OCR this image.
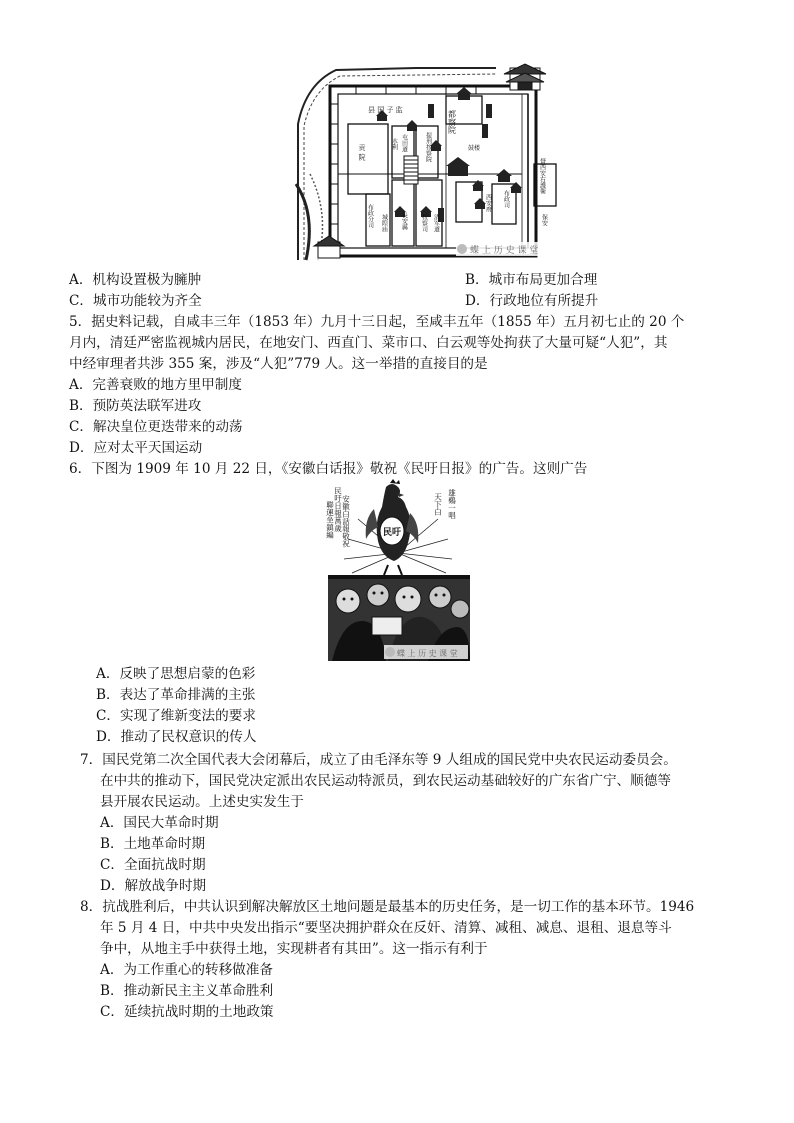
县 国 子 监	都察院
屯田道
贡 院	水利	提刑按察院	鼓楼
布政司
西安府
布政分司 城隍庙 長安縣 按察司 清军道
督西安右護衛
保安
蝶 上 历 史 课 堂
A．机构设置极为臃肿	B．城市布局更加合理
C．城市功能较为齐全	D．行政地位有所提升
5．据史料记载，自咸丰三年（1853 年）九月十三日起，至咸丰五年（1855 年）五月初七止的 20 个
月内，清廷严密监视城内居民，在地安门、西直门、菜市口、白云观等处拘获了大量可疑“人犯”，其
中经审理者共涉 355 案，涉及“人犯”779 人。这一举措的直接目的是
A．完善衰败的地方里甲制度
B．预防英法联军进攻
C．解决皇位更迭带来的动荡
D．应对太平天国运动
6．下图为 1909 年 10 月 22 日，《安徽白话报》敬祝《民吁日报》的广告。这则广告
民吁日報萬歲 安徽白話報敬祝
聯運坐鎮編	雄鷄一唱
天下白
民吁
蝶 上 历 史 课 堂
A．反映了思想启蒙的色彩
B．表达了革命排满的主张
C．实现了维新变法的要求
D．推动了民权意识的传人
7．国民党第二次全国代表大会闭幕后，成立了由毛泽东等 9 人组成的国民党中央农民运动委员会。
在中共的推动下，国民党决定派出农民运动特派员，到农民运动基础较好的广东省广宁、顺德等
县开展农民运动。上述史实发生于
A．国民大革命时期
B．土地革命时期
C．全面抗战时期
D．解放战争时期
8．抗战胜利后，中共认识到解决解放区土地问题是最基本的历史任务，是一切工作的基本环节。1946
年 5 月 4 日，中共中央发出指示“要坚决拥护群众在反奸、清算、减租、减息、退租、退息等斗
争中，从地主手中获得土地，实现耕者有其田”。这一指示有利于
A．为工作重心的转移做准备
B．推动新民主主义革命胜利
C．延续抗战时期的土地政策
